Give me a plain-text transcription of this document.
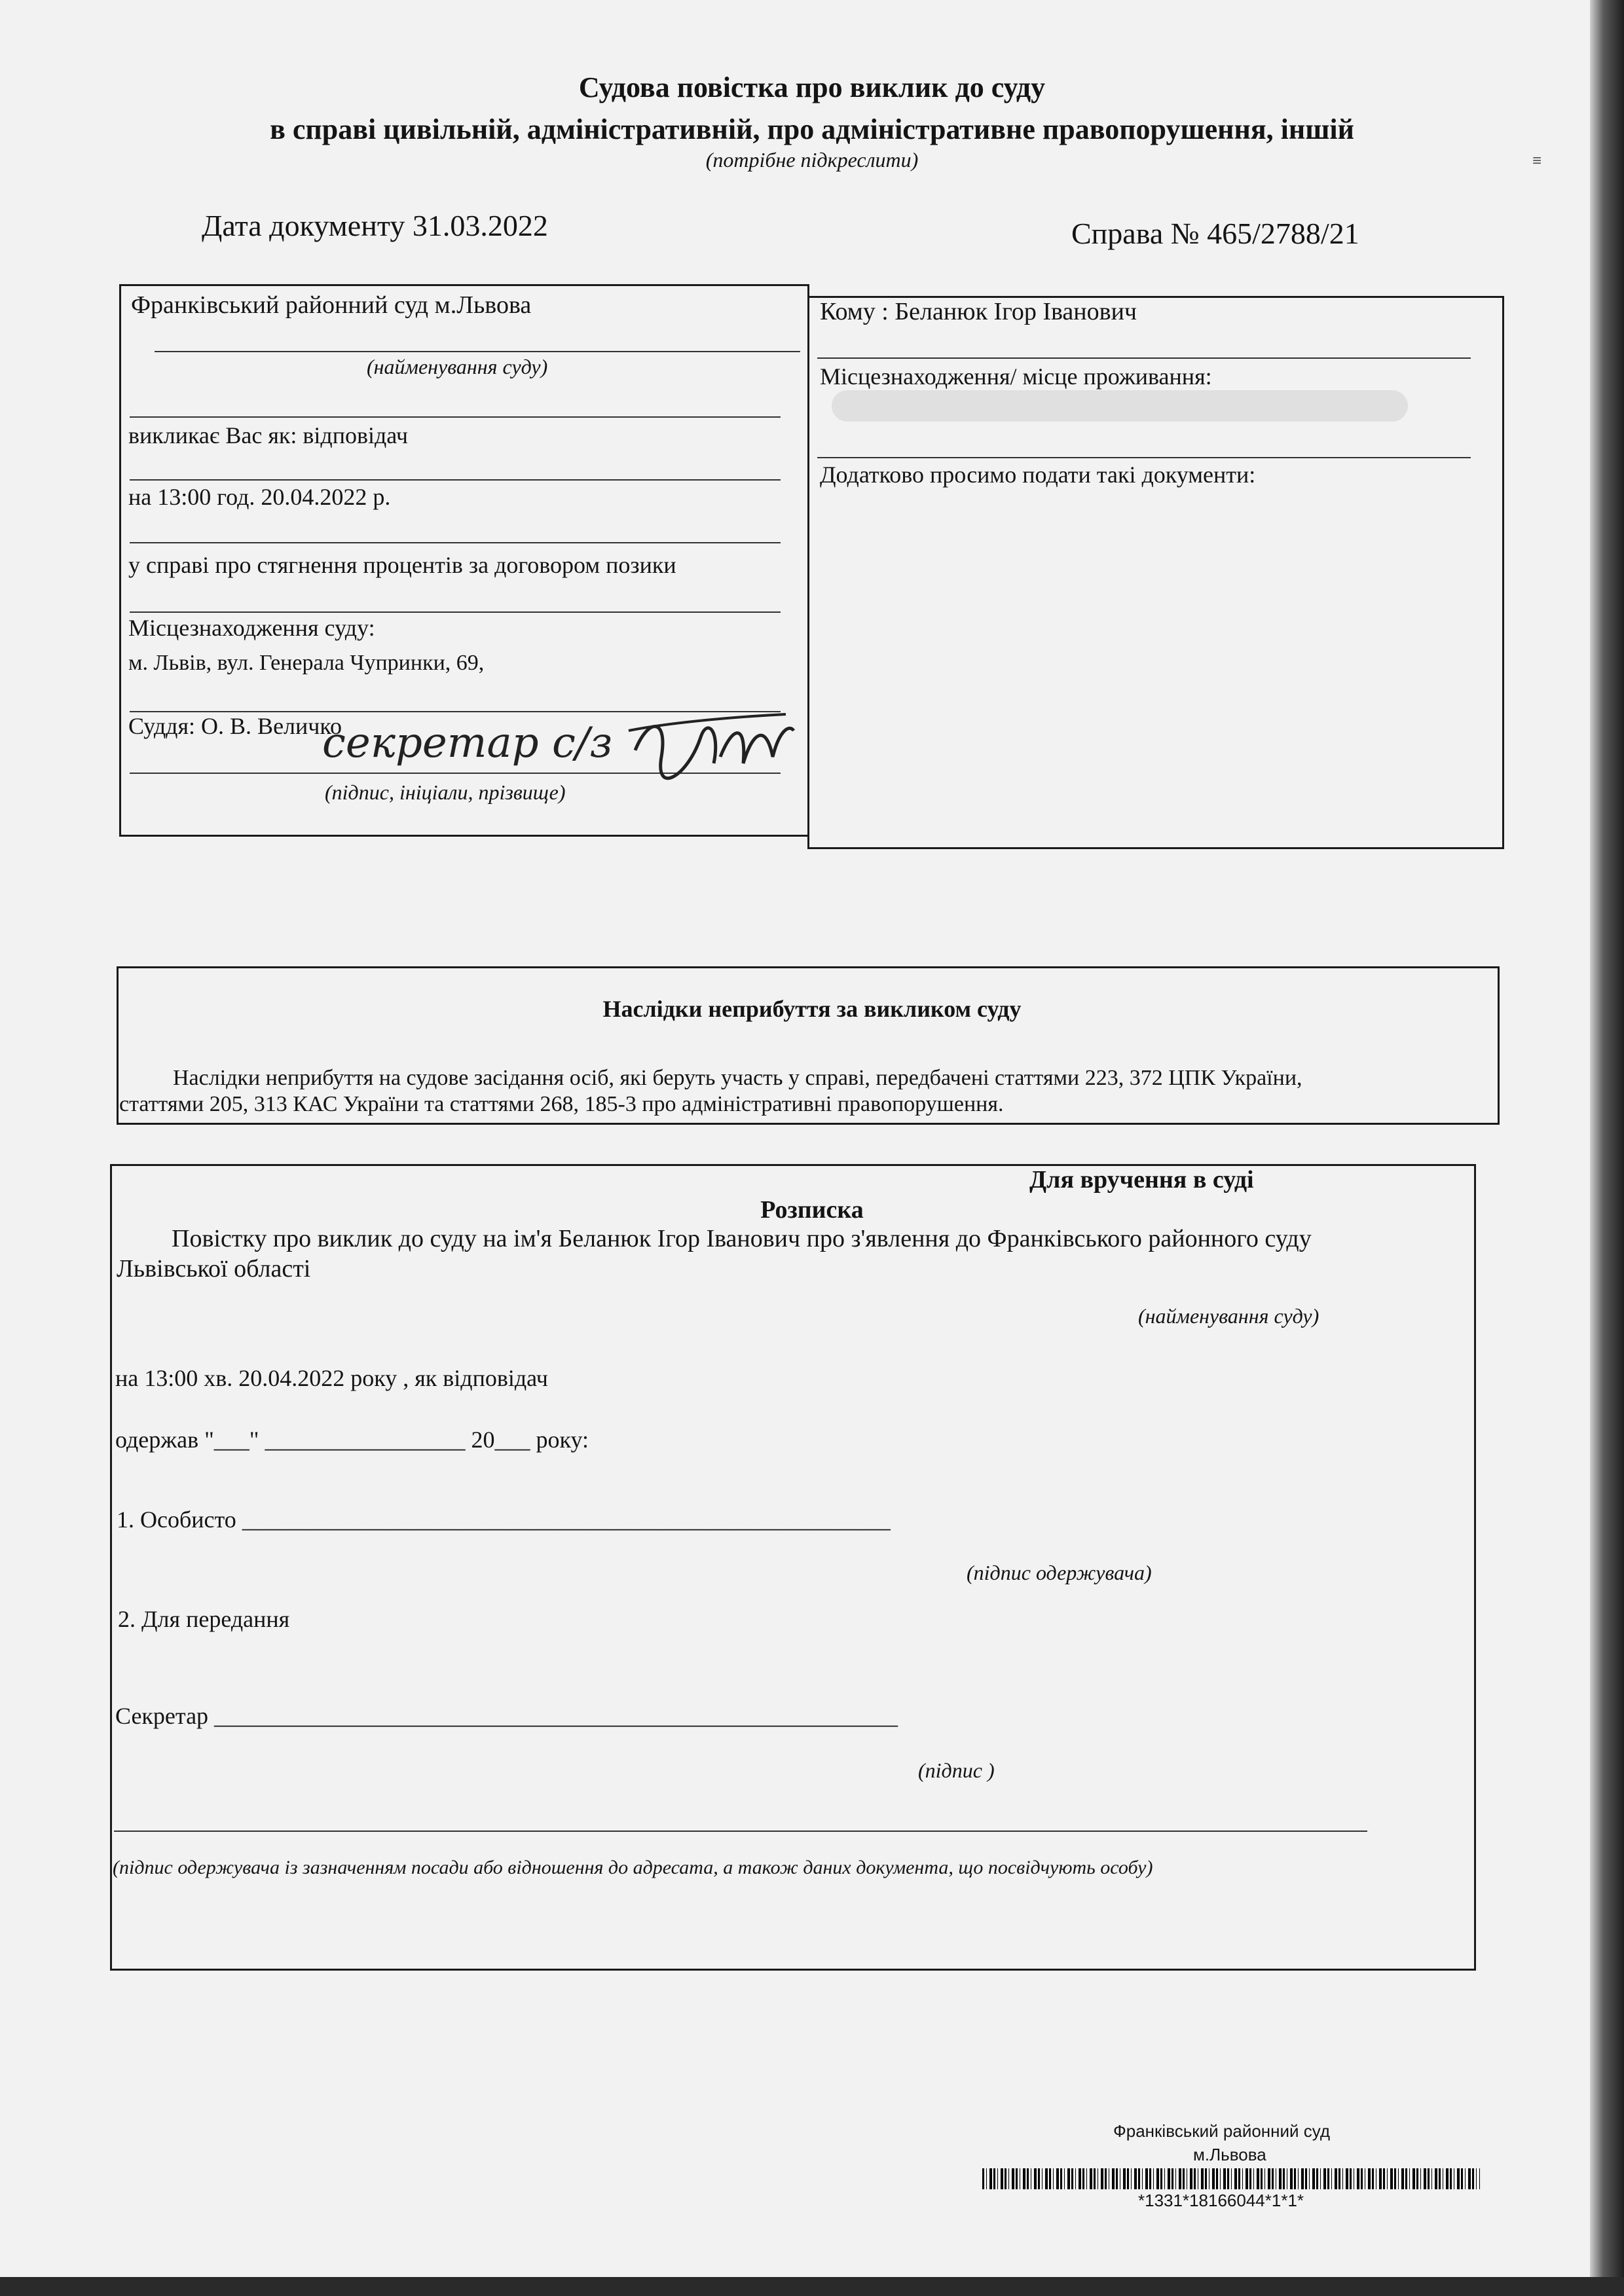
Судова повістка про виклик до суду
в справі цивільній, адміністративній, про адміністративне правопорушення, іншій
(потрібне підкреслити)	≡
Дата документу 31.03.2022	Справа № 465/2788/21
Франківський районний суд м.Львова
(найменування суду)
викликає Вас як: відповідач
на 13:00 год. 20.04.2022 р.
у справі про стягнення процентів за договором позики
Місцезнаходження суду:
м. Львів, вул. Генерала Чупринки, 69,
Суддя: О. В. Величко
секретар с/з
(підпис, ініціали, прізвище)
Кому : Беланюк Ігор Іванович
Місцезнаходження/ місце проживання:
Додатково просимо подати такі документи:
Наслідки неприбуття за викликом суду
Наслідки неприбуття на судове засідання осіб, які беруть участь у справі, передбачені статтями 223, 372 ЦПК України,
статтями 205, 313 КАС України та статтями 268, 185-3 про адміністративні правопорушення.
Для вручення в суді
Розписка
Повістку про виклик до суду на ім'я Беланюк Ігор Іванович про з'явлення до Франківського районного суду
Львівської області
(найменування суду)
на 13:00 хв. 20.04.2022 року , як відповідач
одержав "___" _________________ 20___ року:
1. Особисто _______________________________________________________
(підпис одержувача)
2. Для передання
Секретар __________________________________________________________
(підпис )
(підпис одержувача із зазначенням посади або відношення до адресата, а також даних документа, що посвідчують особу)
Франківський районний суд
м.Львова
*1331*18166044*1*1*
